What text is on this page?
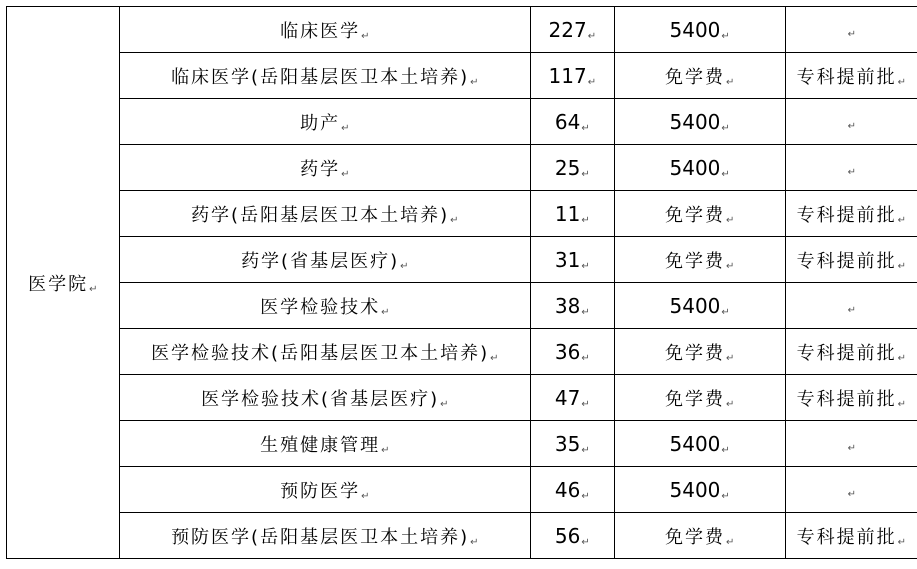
医学院↵	临床医学↵	227↵	5400↵	↵
	临床医学(岳阳基层医卫本土培养)↵	117↵	免学费↵	专科提前批↵
	助产↵	64↵	5400↵	↵
	药学↵	25↵	5400↵	↵
	药学(岳阳基层医卫本土培养)↵	11↵	免学费↵	专科提前批↵
	药学(省基层医疗)↵	31↵	免学费↵	专科提前批↵
	医学检验技术↵	38↵	5400↵	↵
	医学检验技术(岳阳基层医卫本土培养)↵	36↵	免学费↵	专科提前批↵
	医学检验技术(省基层医疗)↵	47↵	免学费↵	专科提前批↵
	生殖健康管理↵	35↵	5400↵	↵
	预防医学↵	46↵	5400↵	↵
	预防医学(岳阳基层医卫本土培养)↵	56↵	免学费↵	专科提前批↵
